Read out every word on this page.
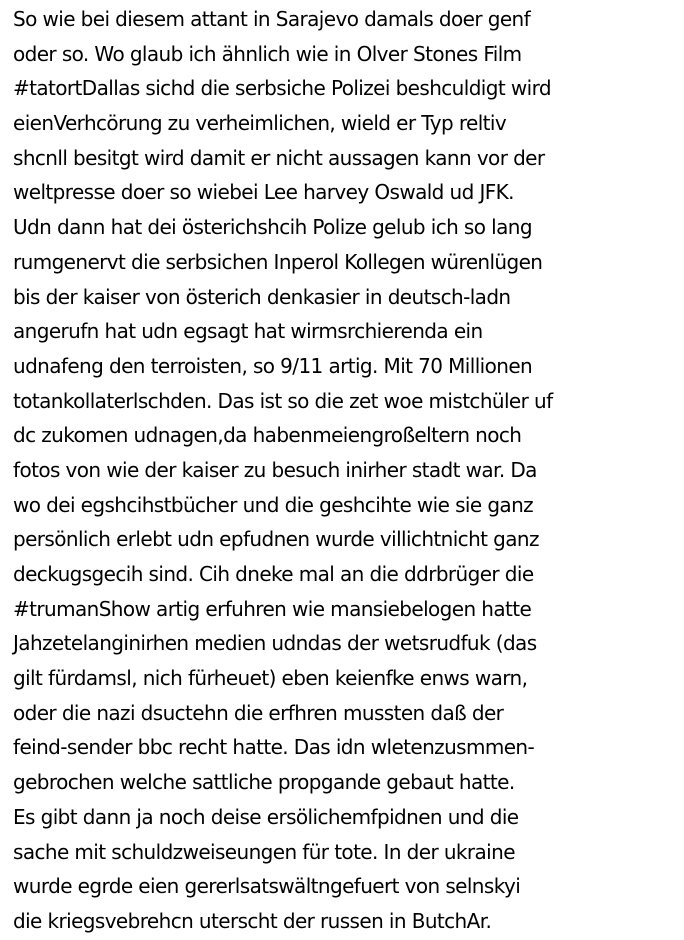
So wie bei diesem attant in Sarajevo damals doer genf
oder so. Wo glaub ich ähnlich wie in Olver Stones Film
#tatortDallas sichd die serbsiche Polizei beshculdigt wird
eienVerhcörung zu verheimlichen, wield er Typ reltiv
shcnll besitgt wird damit er nicht aussagen kann vor der
weltpresse doer so wiebei Lee harvey Oswald ud JFK.
Udn dann hat dei österichshcih Polize gelub ich so lang
rumgenervt die serbsichen Inperol Kollegen würenlügen
bis der kaiser von österich denkasier in deutsch-ladn
angerufn hat udn egsagt hat wirmsrchierenda ein
udnafeng den terroisten, so 9/11 artig. Mit 70 Millionen
totankollaterlschden. Das ist so die zet woe mistchüler uf
dc zukomen udnagen,da habenmeiengroßeltern noch
fotos von wie der kaiser zu besuch inirher stadt war. Da
wo dei egshcihstbücher und die geshcihte wie sie ganz
persönlich erlebt udn epfudnen wurde villichtnicht ganz
deckugsgecih sind. Cih dneke mal an die ddrbrüger die
#trumanShow artig erfuhren wie mansiebelogen hatte
Jahzetelanginirhen medien udndas der wetsrudfuk (das
gilt fürdamsl, nich fürheuet) eben keienfke enws warn,
oder die nazi dsuctehn die erfhren mussten daß der
feind-sender bbc recht hatte. Das idn wletenzusmmen-
gebrochen welche sattliche propgande gebaut hatte.
Es gibt dann ja noch deise ersölichemfpidnen und die
sache mit schuldzweiseungen für tote. In der ukraine
wurde egrde eien gererlsatswältngefuert von selnskyi
die kriegsvebrehcn uterscht der russen in ButchAr.
